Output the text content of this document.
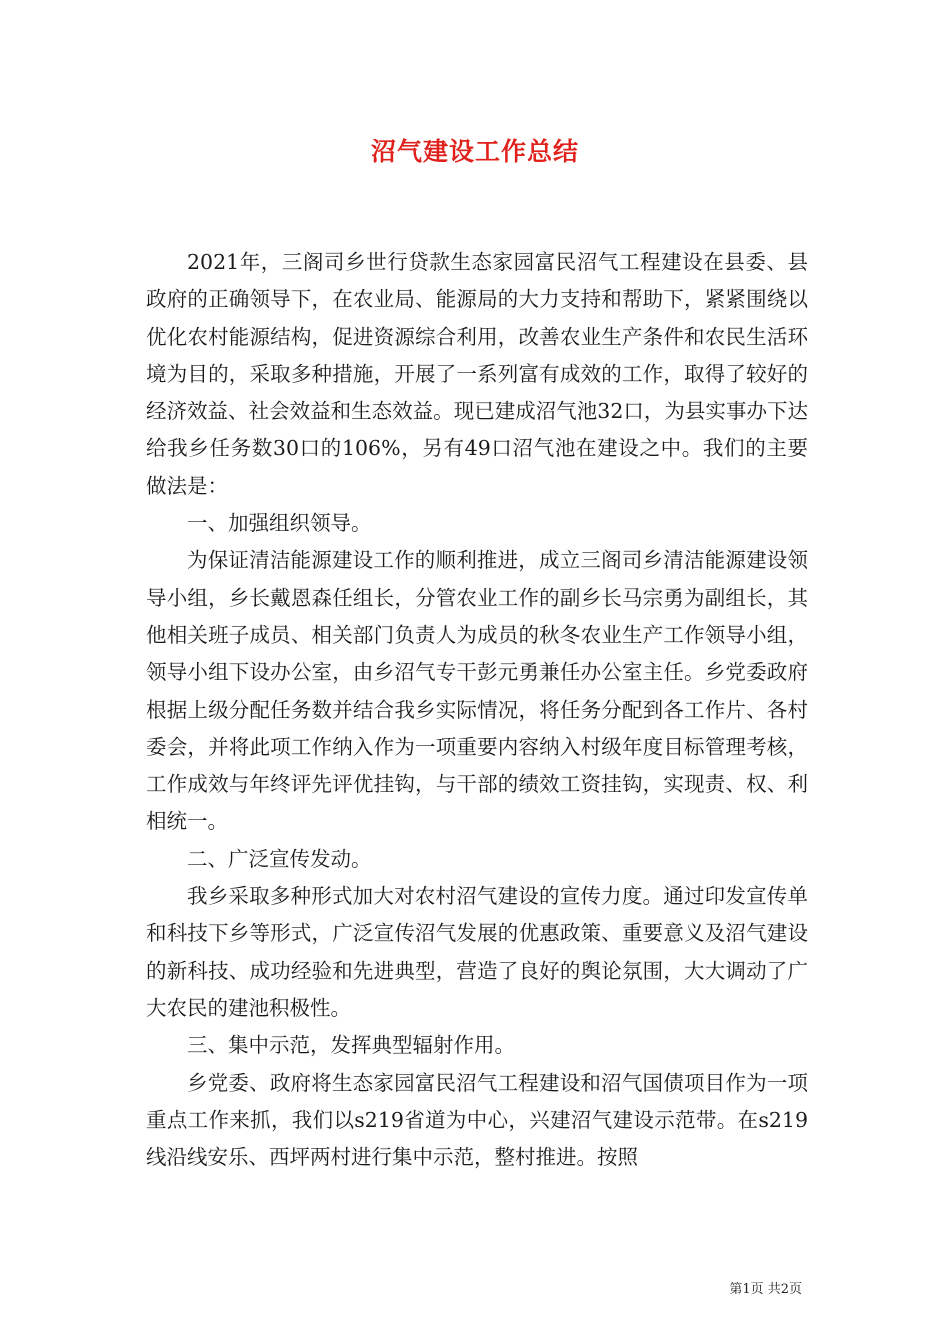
沼气建设工作总结

2021年，三阁司乡世行贷款生态家园富民沼气工程建设在县委、县政府的正确领导下，在农业局、能源局的大力支持和帮助下，紧紧围绕以优化农村能源结构，促进资源综合利用，改善农业生产条件和农民生活环境为目的，采取多种措施，开展了一系列富有成效的工作，取得了较好的经济效益、社会效益和生态效益。现已建成沼气池32口，为县实事办下达给我乡任务数30口的106%，另有49口沼气池在建设之中。我们的主要做法是：

一、加强组织领导。

为保证清洁能源建设工作的顺利推进，成立三阁司乡清洁能源建设领导小组，乡长戴恩森任组长，分管农业工作的副乡长马宗勇为副组长，其他相关班子成员、相关部门负责人为成员的秋冬农业生产工作领导小组，领导小组下设办公室，由乡沼气专干彭元勇兼任办公室主任。乡党委政府根据上级分配任务数并结合我乡实际情况，将任务分配到各工作片、各村委会，并将此项工作纳入作为一项重要内容纳入村级年度目标管理考核，工作成效与年终评先评优挂钩，与干部的绩效工资挂钩，实现责、权、利相统一。

二、广泛宣传发动。

我乡采取多种形式加大对农村沼气建设的宣传力度。通过印发宣传单和科技下乡等形式，广泛宣传沼气发展的优惠政策、重要意义及沼气建设的新科技、成功经验和先进典型，营造了良好的舆论氛围，大大调动了广大农民的建池积极性。

三、集中示范，发挥典型辐射作用。

乡党委、政府将生态家园富民沼气工程建设和沼气国债项目作为一项重点工作来抓，我们以s219省道为中心，兴建沼气建设示范带。在s219线沿线安乐、西坪两村进行集中示范，整村推进。按照

第1页 共2页
